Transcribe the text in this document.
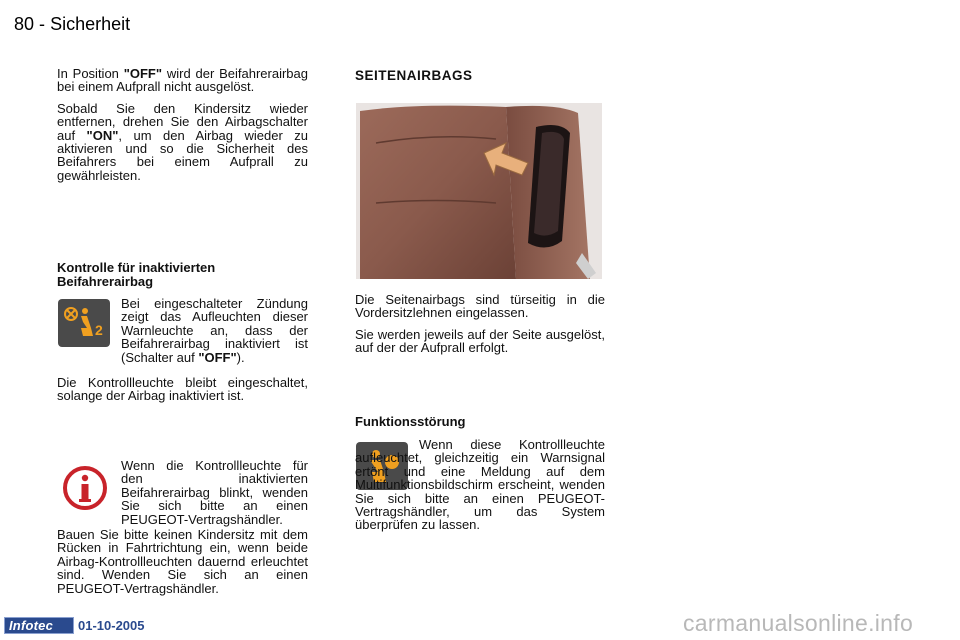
80 - Sicherheit

In Position "OFF" wird der Beifahrerairbag bei einem Aufprall nicht ausgelöst.

Sobald Sie den Kindersitz wieder entfernen, drehen Sie den Airbagschalter auf "ON", um den Airbag wieder zu aktivieren und so die Sicherheit des Beifahrers bei einem Aufprall zu gewährleisten.

Kontrolle für inaktivierten Beifahrerairbag
2

Bei eingeschalteter Zündung zeigt das Aufleuchten dieser Warnleuchte an, dass der Beifahrerairbag inaktiviert ist (Schalter auf "OFF").

Die Kontrollleuchte bleibt eingeschaltet, solange der Airbag inaktiviert ist.
Wenn die Kontrollleuchte für den inaktivierten Beifahrerairbag blinkt, wenden Sie sich bitte an einen PEUGEOT-Vertragshändler.
Bauen Sie bitte keinen Kindersitz mit dem Rücken in Fahrtrichtung ein, wenn beide Airbag-Kontrollleuchten dauernd erleuchtet sind. Wenden Sie sich an einen PEUGEOT-Vertragshändler.
SEITENAIRBAGS

Die Seitenairbags sind türseitig in die Vordersitzlehnen eingelassen.

Sie werden jeweils auf der Seite ausgelöst, auf der der Aufprall erfolgt.

Funktionsstörung

Wenn diese Kontrollleuchte aufleuchtet, gleichzeitig ein Warnsignal ertönt und eine Meldung auf dem Multifunktionsbildschirm erscheint, wenden Sie sich bitte an einen PEUGEOT-Vertragshändler, um das System überprüfen zu lassen.

Infotec 01-10-2005	carmanualsonline.info
